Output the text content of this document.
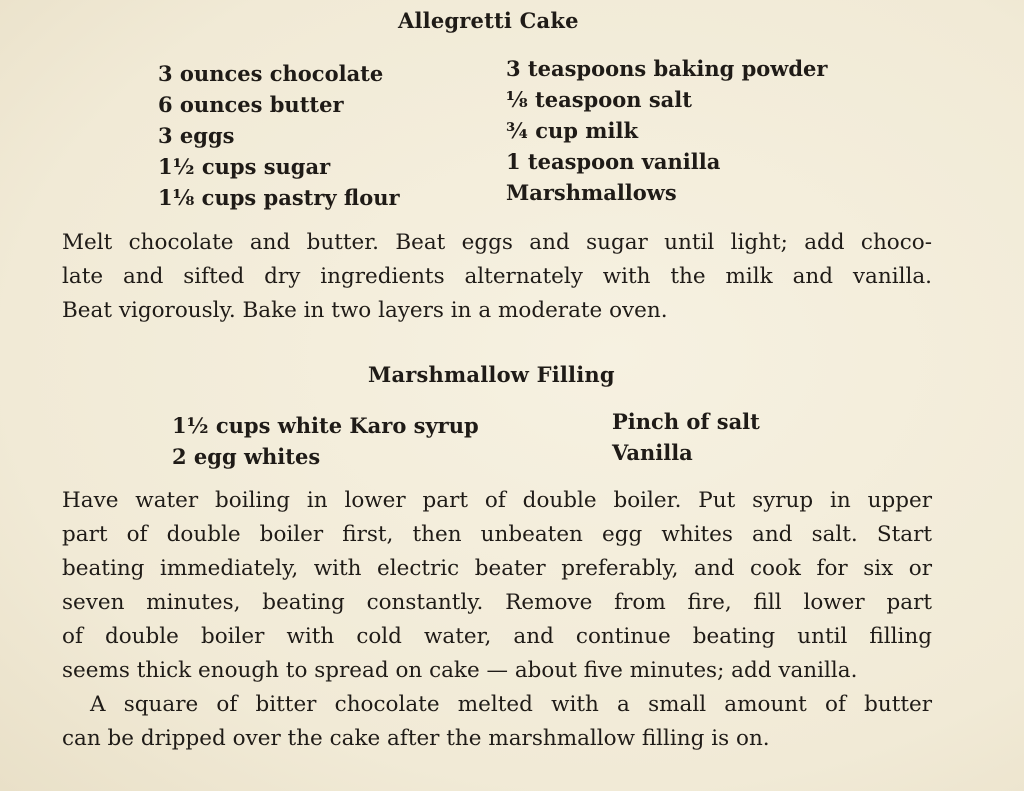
Allegretti Cake
3 ounces chocolate
6 ounces butter
3 eggs
1½ cups sugar
1⅛ cups pastry flour
3 teaspoons baking powder
⅛ teaspoon salt
¾ cup milk
1 teaspoon vanilla
Marshmallows
Melt chocolate and butter. Beat eggs and sugar until light; add choco-
late and sifted dry ingredients alternately with the milk and vanilla.
Beat vigorously. Bake in two layers in a moderate oven.
Marshmallow Filling
1½ cups white Karo syrup
2 egg whites
Pinch of salt
Vanilla
Have water boiling in lower part of double boiler. Put syrup in upper
part of double boiler first, then unbeaten egg whites and salt. Start
beating immediately, with electric beater preferably, and cook for six or
seven minutes, beating constantly. Remove from fire, fill lower part
of double boiler with cold water, and continue beating until filling
seems thick enough to spread on cake — about five minutes; add vanilla.
A square of bitter chocolate melted with a small amount of butter
can be dripped over the cake after the marshmallow filling is on.
